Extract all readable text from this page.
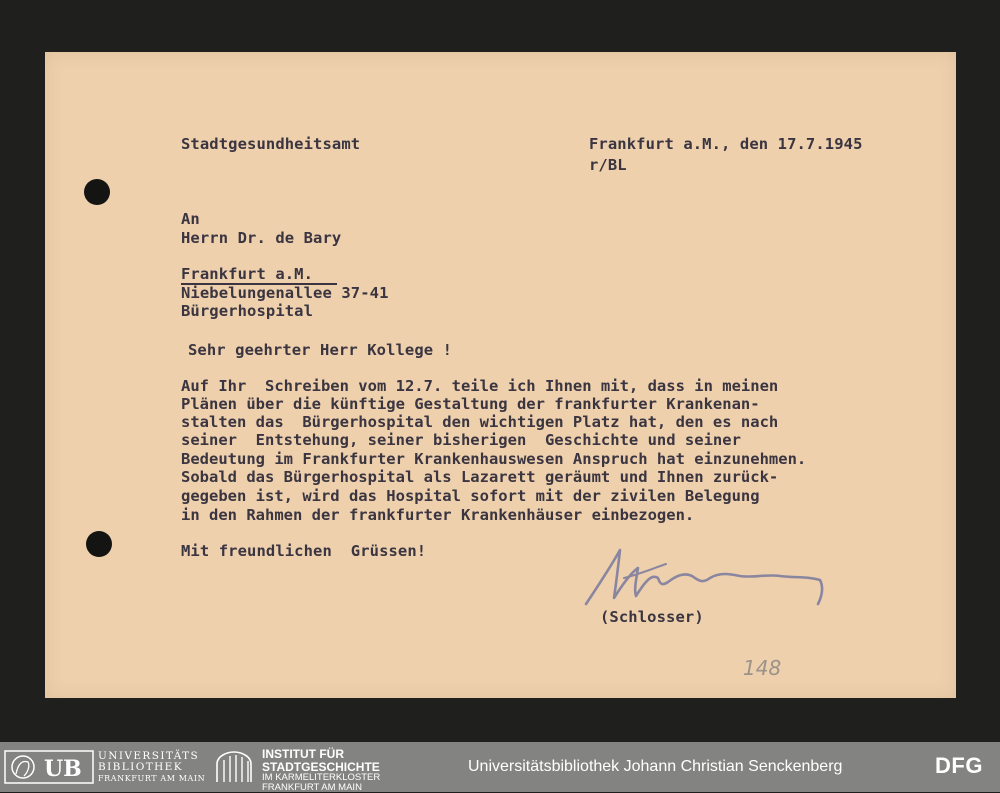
Stadtgesundheitsamt	Frankfurt a.M., den 17.7.1945
r/BL
An
Herrn Dr. de Bary
Frankfurt a.M.
Niebelungenallee 37-41
Bürgerhospital
Sehr geehrter Herr Kollege !
Auf Ihr  Schreiben vom 12.7. teile ich Ihnen mit, dass in meinen
Plänen über die künftige Gestaltung der frankfurter Krankenan-
stalten das  Bürgerhospital den wichtigen Platz hat, den es nach
seiner  Entstehung, seiner bisherigen  Geschichte und seiner
Bedeutung im Frankfurter Krankenhauswesen Anspruch hat einzunehmen.
Sobald das Bürgerhospital als Lazarett geräumt und Ihnen zurück-
gegeben ist, wird das Hospital sofort mit der zivilen Belegung
in den Rahmen der frankfurter Krankenhäuser einbezogen.
Mit freundlichen  Grüssen!
(Schlosser)
148
UB UNIVERSITÄTS
BIBLIOTHEK
FRANKFURT AM MAIN
INSTITUT FÜR
STADTGESCHICHTE
IM KARMELITERKLOSTER
FRANKFURT AM MAIN
Universitätsbibliothek Johann Christian Senckenberg	DFG
